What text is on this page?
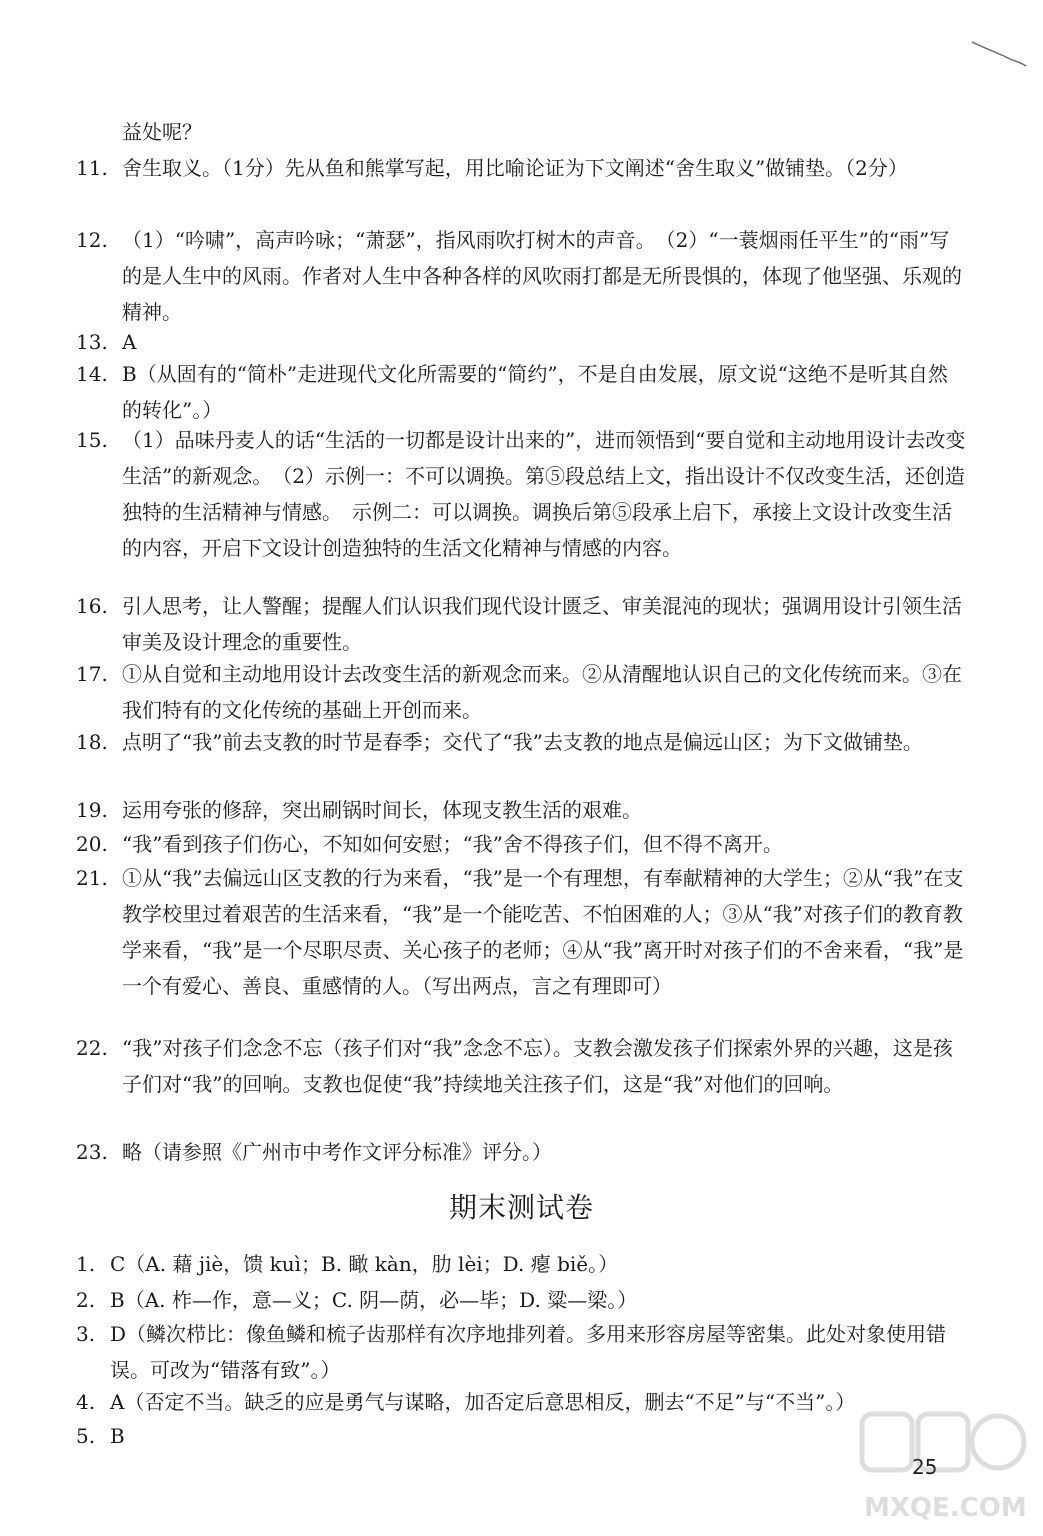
益处呢？
11. 舍生取义。（1分）先从鱼和熊掌写起，用比喻论证为下文阐述“舍生取义”做铺垫。（2分）
12. （1）“吟啸”，高声吟咏；“萧瑟”，指风雨吹打树木的声音。　（2）“一蓑烟雨任平生”的“雨”写的是人生中的风雨。作者对人生中各种各样的风吹雨打都是无所畏惧的，体现了他坚强、乐观的精神。
13. A
14. B（从固有的“简朴”走进现代文化所需要的“简约”，不是自由发展，原文说“这绝不是听其自然的转化”。）
15. （1）品味丹麦人的话“生活的一切都是设计出来的”，进而领悟到“要自觉和主动地用设计去改变生活”的新观念。　（2）示例一：不可以调换。第⑤段总结上文，指出设计不仅改变生活，还创造独特的生活精神与情感。　示例二：可以调换。调换后第⑤段承上启下，承接上文设计改变生活的内容，开启下文设计创造独特的生活文化精神与情感的内容。
16. 引人思考，让人警醒；提醒人们认识我们现代设计匮乏、审美混沌的现状；强调用设计引领生活审美及设计理念的重要性。
17. ①从自觉和主动地用设计去改变生活的新观念而来。②从清醒地认识自己的文化传统而来。③在我们特有的文化传统的基础上开创而来。
18. 点明了“我”前去支教的时节是春季；交代了“我”去支教的地点是偏远山区；为下文做铺垫。
19. 运用夸张的修辞，突出刷锅时间长，体现支教生活的艰难。
20. “我”看到孩子们伤心，不知如何安慰；“我”舍不得孩子们，但不得不离开。
21. ①从“我”去偏远山区支教的行为来看，“我”是一个有理想，有奉献精神的大学生；②从“我”在支教学校里过着艰苦的生活来看，“我”是一个能吃苦、不怕困难的人；③从“我”对孩子们的教育教学来看，“我”是一个尽职尽责、关心孩子的老师；④从“我”离开时对孩子们的不舍来看，“我”是一个有爱心、善良、重感情的人。（写出两点，言之有理即可）
22. “我”对孩子们念念不忘（孩子们对“我”念念不忘）。支教会激发孩子们探索外界的兴趣，这是孩子们对“我”的回响。支教也促使“我”持续地关注孩子们，这是“我”对他们的回响。
23. 略（请参照《广州市中考作文评分标准》评分。）
期末测试卷
1. C（A. 藉 jiè，馈 kuì；B. 瞰 kàn，肋 lèi；D. 瘪 biě。）
2. B（A. 柞—作，意—义；C. 阴—荫，必—毕；D. 粱—梁。）
3. D（鳞次栉比：像鱼鳞和梳子齿那样有次序地排列着。多用来形容房屋等密集。此处对象使用错误。可改为“错落有致”。）
4. A（否定不当。缺乏的应是勇气与谋略，加否定后意思相反，删去“不足”与“不当”。）
5. B
25
MXQE.COM
